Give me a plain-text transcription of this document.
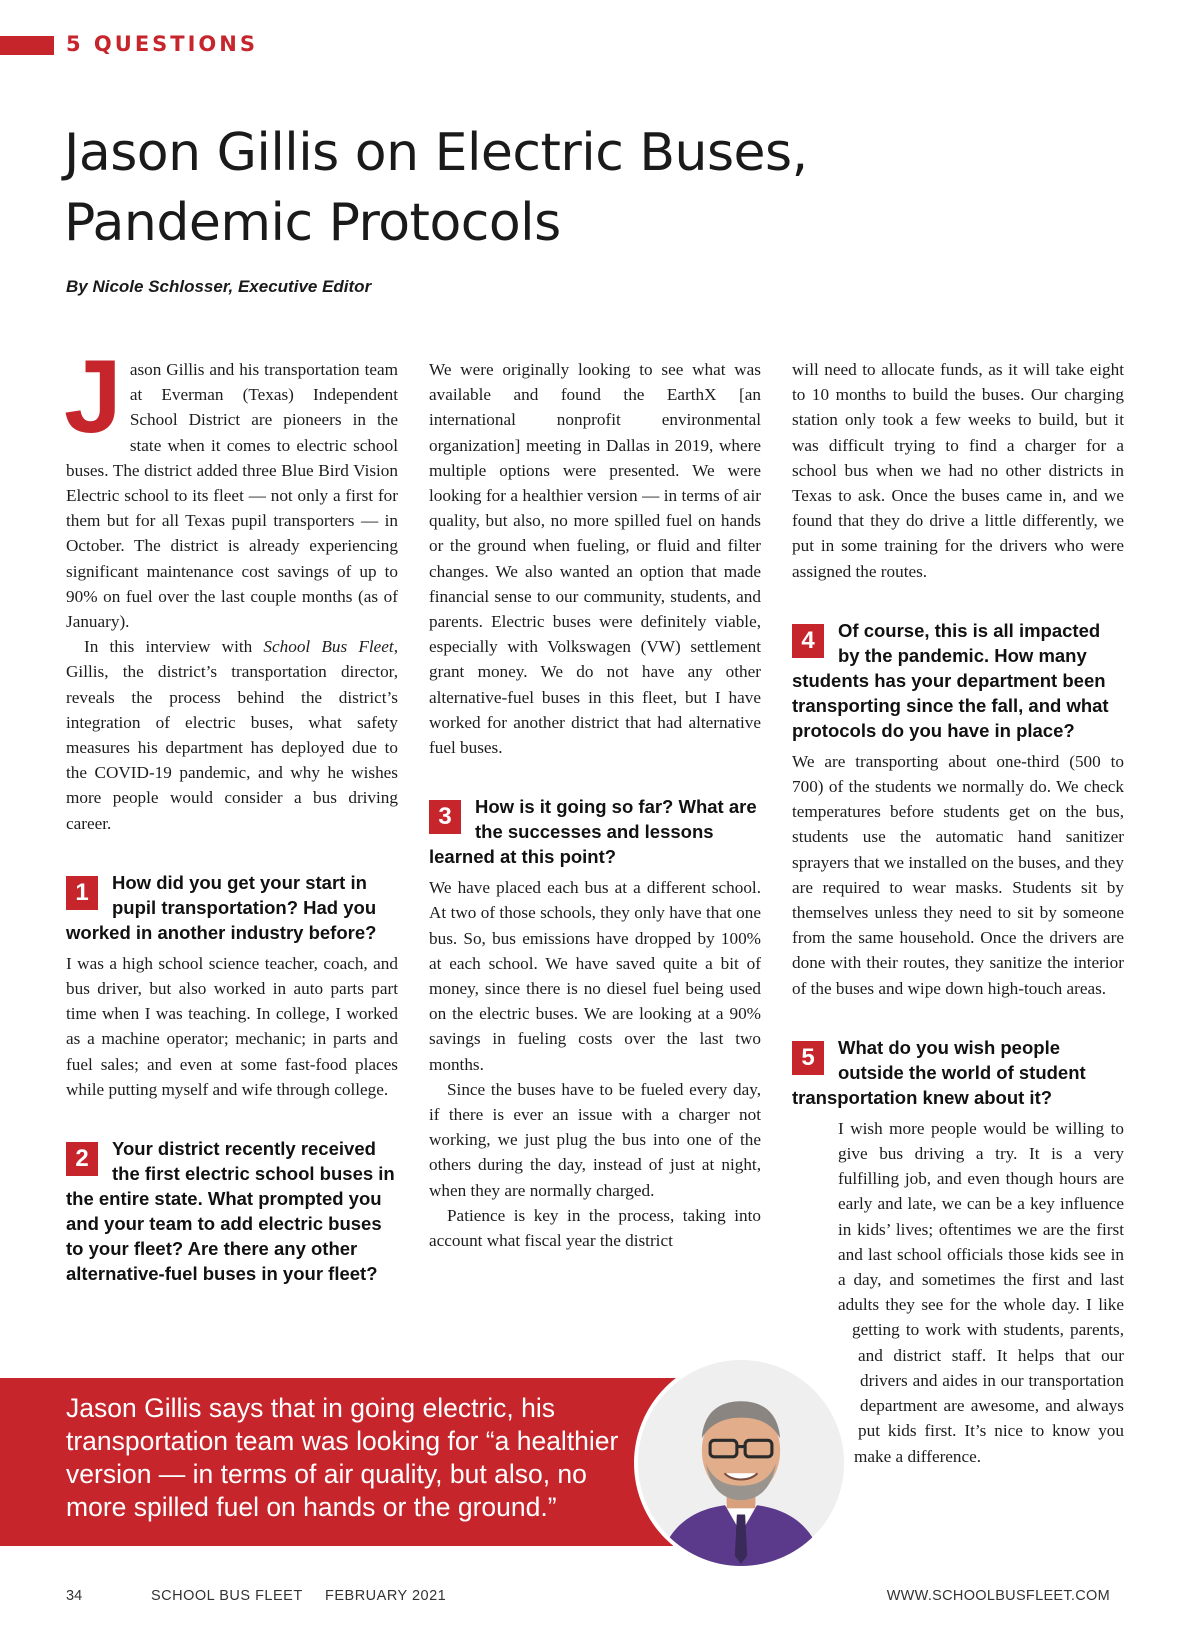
5 QUESTIONS
Jason Gillis on Electric Buses,
Pandemic Protocols
By Nicole Schlosser, Executive Editor

Jason Gillis and his transportation team at Everman (Texas) Independent School District are pioneers in the state when it comes to electric school buses. The district added three Blue Bird Vision Electric school to its fleet — not only a first for them but for all Texas pupil transporters — in October. The district is already experiencing significant maintenance cost savings of up to 90% on fuel over the last couple months (as of January).

In this interview with School Bus Fleet, Gillis, the district’s transportation director, reveals the process behind the district’s integration of electric buses, what safety measures his department has deployed due to the COVID-19 pandemic, and why he wishes more people would consider a bus driving career.

1	How did you get your start in pupil transportation? Had you worked in another industry before?

I was a high school science teacher, coach, and bus driver, but also worked in auto parts part time when I was teaching. In college, I worked as a machine operator; mechanic; in parts and fuel sales; and even at some fast-food places while putting myself and wife through college.

2	Your district recently received the first electric school buses in the entire state. What prompted you and your team to add electric buses to your fleet? Are there any other alternative-fuel buses in your fleet?

We were originally looking to see what was available and found the EarthX [an international nonprofit environmental organization] meeting in Dallas in 2019, where multiple options were presented. We were looking for a healthier version — in terms of air quality, but also, no more spilled fuel on hands or the ground when fueling, or fluid and filter changes. We also wanted an option that made financial sense to our community, students, and parents. Electric buses were definitely viable, especially with Volkswagen (VW) settlement grant money. We do not have any other alternative-fuel buses in this fleet, but I have worked for another district that had alternative fuel buses.

3	How is it going so far? What are the successes and lessons learned at this point?

We have placed each bus at a different school. At two of those schools, they only have that one bus. So, bus emissions have dropped by 100% at each school. We have saved quite a bit of money, since there is no diesel fuel being used on the electric buses. We are looking at a 90% savings in fueling costs over the last two months.

Since the buses have to be fueled every day, if there is ever an issue with a charger not working, we just plug the bus into one of the others during the day, instead of just at night, when they are normally charged.

Patience is key in the process, taking into account what fiscal year the district

will need to allocate funds, as it will take eight to 10 months to build the buses. Our charging station only took a few weeks to build, but it was difficult trying to find a charger for a school bus when we had no other districts in Texas to ask. Once the buses came in, and we found that they do drive a little differently, we put in some training for the drivers who were assigned the routes.

4	Of course, this is all impacted by the pandemic. How many students has your department been transporting since the fall, and what protocols do you have in place?

We are transporting about one-third (500 to 700) of the students we normally do. We check temperatures before students get on the bus, students use the automatic hand sanitizer sprayers that we installed on the buses, and they are required to wear masks. Students sit by themselves unless they need to sit by someone from the same household. Once the drivers are done with their routes, they sanitize the interior of the buses and wipe down high-touch areas.

5	What do you wish people outside the world of student transportation knew about it?

I wish more people would be willing to give bus driving a try. It is a very fulfilling job, and even though hours are early and late, we can be a key influence in kids’ lives; oftentimes we are the first and last school officials those kids see in a day, and sometimes the first and last adults they see for the whole day. I like getting to work with students, parents, and district staff. It helps that our drivers and aides in our transportation department are awesome, and always put kids first. It’s nice to know you make a difference.

Jason Gillis says that in going electric, his transportation team was looking for “a healthier version — in terms of air quality, but also, no more spilled fuel on hands or the ground.”

34	SCHOOL BUS FLEET FEBRUARY 2021	WWW.SCHOOLBUSFLEET.COM
